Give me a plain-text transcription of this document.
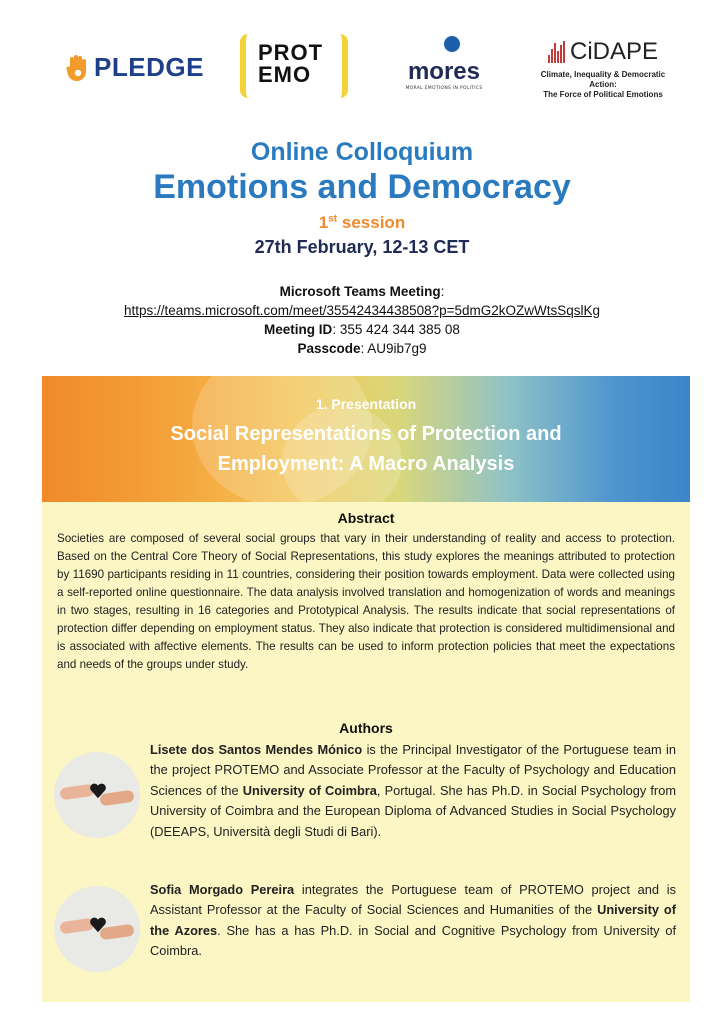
PLEDGE PROT
EMO	mores
MORAL EMOTIONS IN POLITICS
CiDAPE
Climate, Inequality & Democratic Action:
The Force of Political Emotions
Online Colloquium
Emotions and Democracy
1st session
27th February, 12-13 CET
Microsoft Teams Meeting:
https://teams.microsoft.com/meet/35542434438508?p=5dmG2kOZwWtsSqslKg
Meeting ID: 355 424 344 385 08
Passcode: AU9ib7g9
1. Presentation
Social Representations of Protection and
Employment: A Macro Analysis
Abstract

Societies are composed of several social groups that vary in their understanding of reality and access to protection. Based on the Central Core Theory of Social Representations, this study explores the meanings attributed to protection by 11690 participants residing in 11 countries, considering their position towards employment. Data were collected using a self-reported online questionnaire. The data analysis involved translation and homogenization of words and meanings in two stages, resulting in 16 categories and Prototypical Analysis. The results indicate that social representations of protection differ depending on employment status. They also indicate that protection is considered multidimensional and is associated with affective elements. The results can be used to inform protection policies that meet the expectations and needs of the groups under study.

Authors

Lisete dos Santos Mendes Mónico is the Principal Investigator of the Portuguese team in the project PROTEMO and Associate Professor at the Faculty of Psychology and Education Sciences of the University of Coimbra, Portugal. She has Ph.D. in Social Psychology from University of Coimbra and the European Diploma of Advanced Studies in Social Psychology (DEEAPS, Università degli Studi di Bari).

Sofia Morgado Pereira integrates the Portuguese team of PROTEMO project and is Assistant Professor at the Faculty of Social Sciences and Humanities of the University of the Azores. She has a has Ph.D. in Social and Cognitive Psychology from University of Coimbra.
